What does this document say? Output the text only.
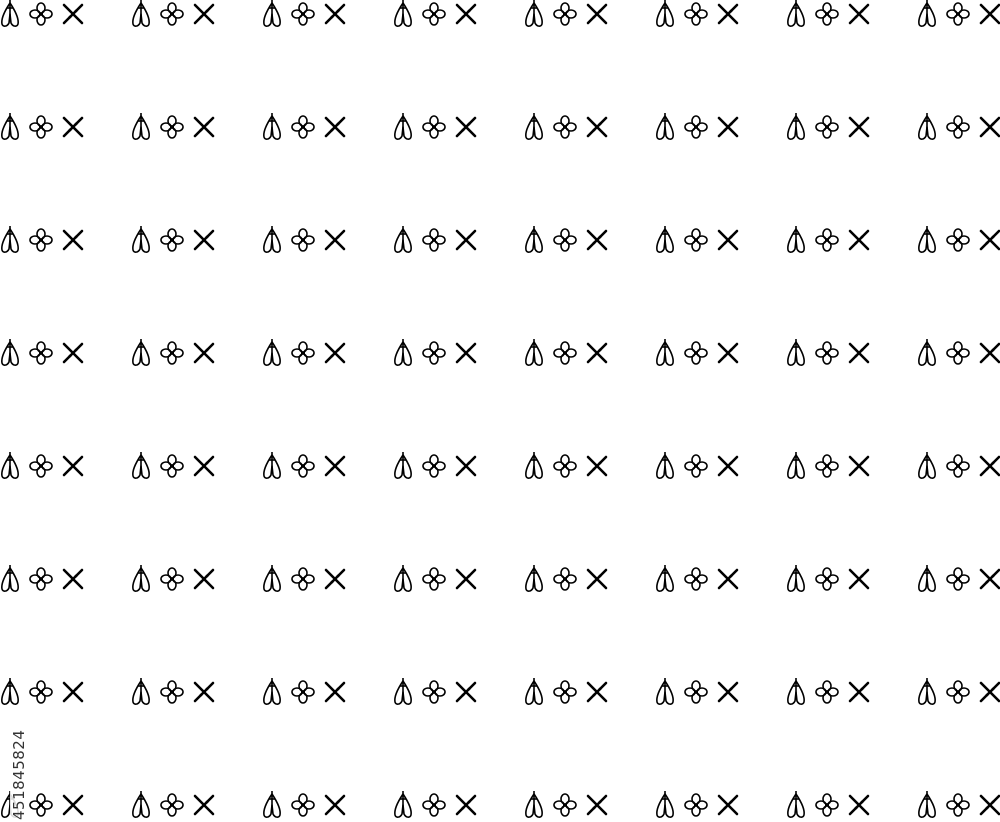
451845824
